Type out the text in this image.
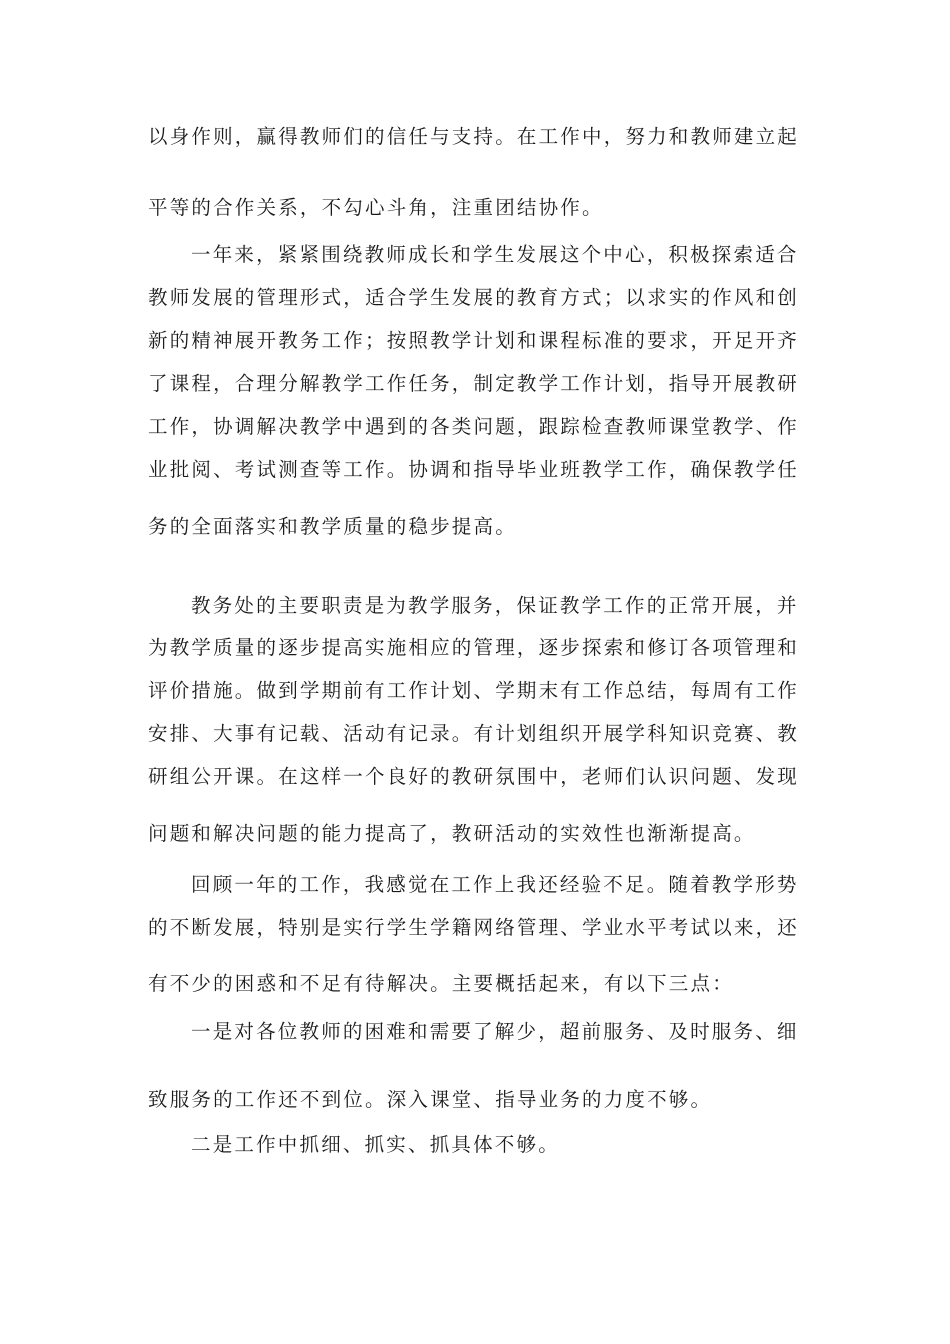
以身作则，赢得教师们的信任与支持。在工作中，努力和教师建立起
平等的合作关系，不勾心斗角，注重团结协作。
一年来，紧紧围绕教师成长和学生发展这个中心，积极探索适合
教师发展的管理形式，适合学生发展的教育方式；以求实的作风和创
新的精神展开教务工作；按照教学计划和课程标准的要求，开足开齐
了课程，合理分解教学工作任务，制定教学工作计划，指导开展教研
工作，协调解决教学中遇到的各类问题，跟踪检查教师课堂教学、作
业批阅、考试测查等工作。协调和指导毕业班教学工作，确保教学任
务的全面落实和教学质量的稳步提高。
教务处的主要职责是为教学服务，保证教学工作的正常开展，并
为教学质量的逐步提高实施相应的管理，逐步探索和修订各项管理和
评价措施。做到学期前有工作计划、学期末有工作总结，每周有工作
安排、大事有记载、活动有记录。有计划组织开展学科知识竞赛、教
研组公开课。在这样一个良好的教研氛围中，老师们认识问题、发现
问题和解决问题的能力提高了，教研活动的实效性也渐渐提高。
回顾一年的工作，我感觉在工作上我还经验不足。随着教学形势
的不断发展，特别是实行学生学籍网络管理、学业水平考试以来，还
有不少的困惑和不足有待解决。主要概括起来，有以下三点：
一是对各位教师的困难和需要了解少，超前服务、及时服务、细
致服务的工作还不到位。深入课堂、指导业务的力度不够。
二是工作中抓细、抓实、抓具体不够。
